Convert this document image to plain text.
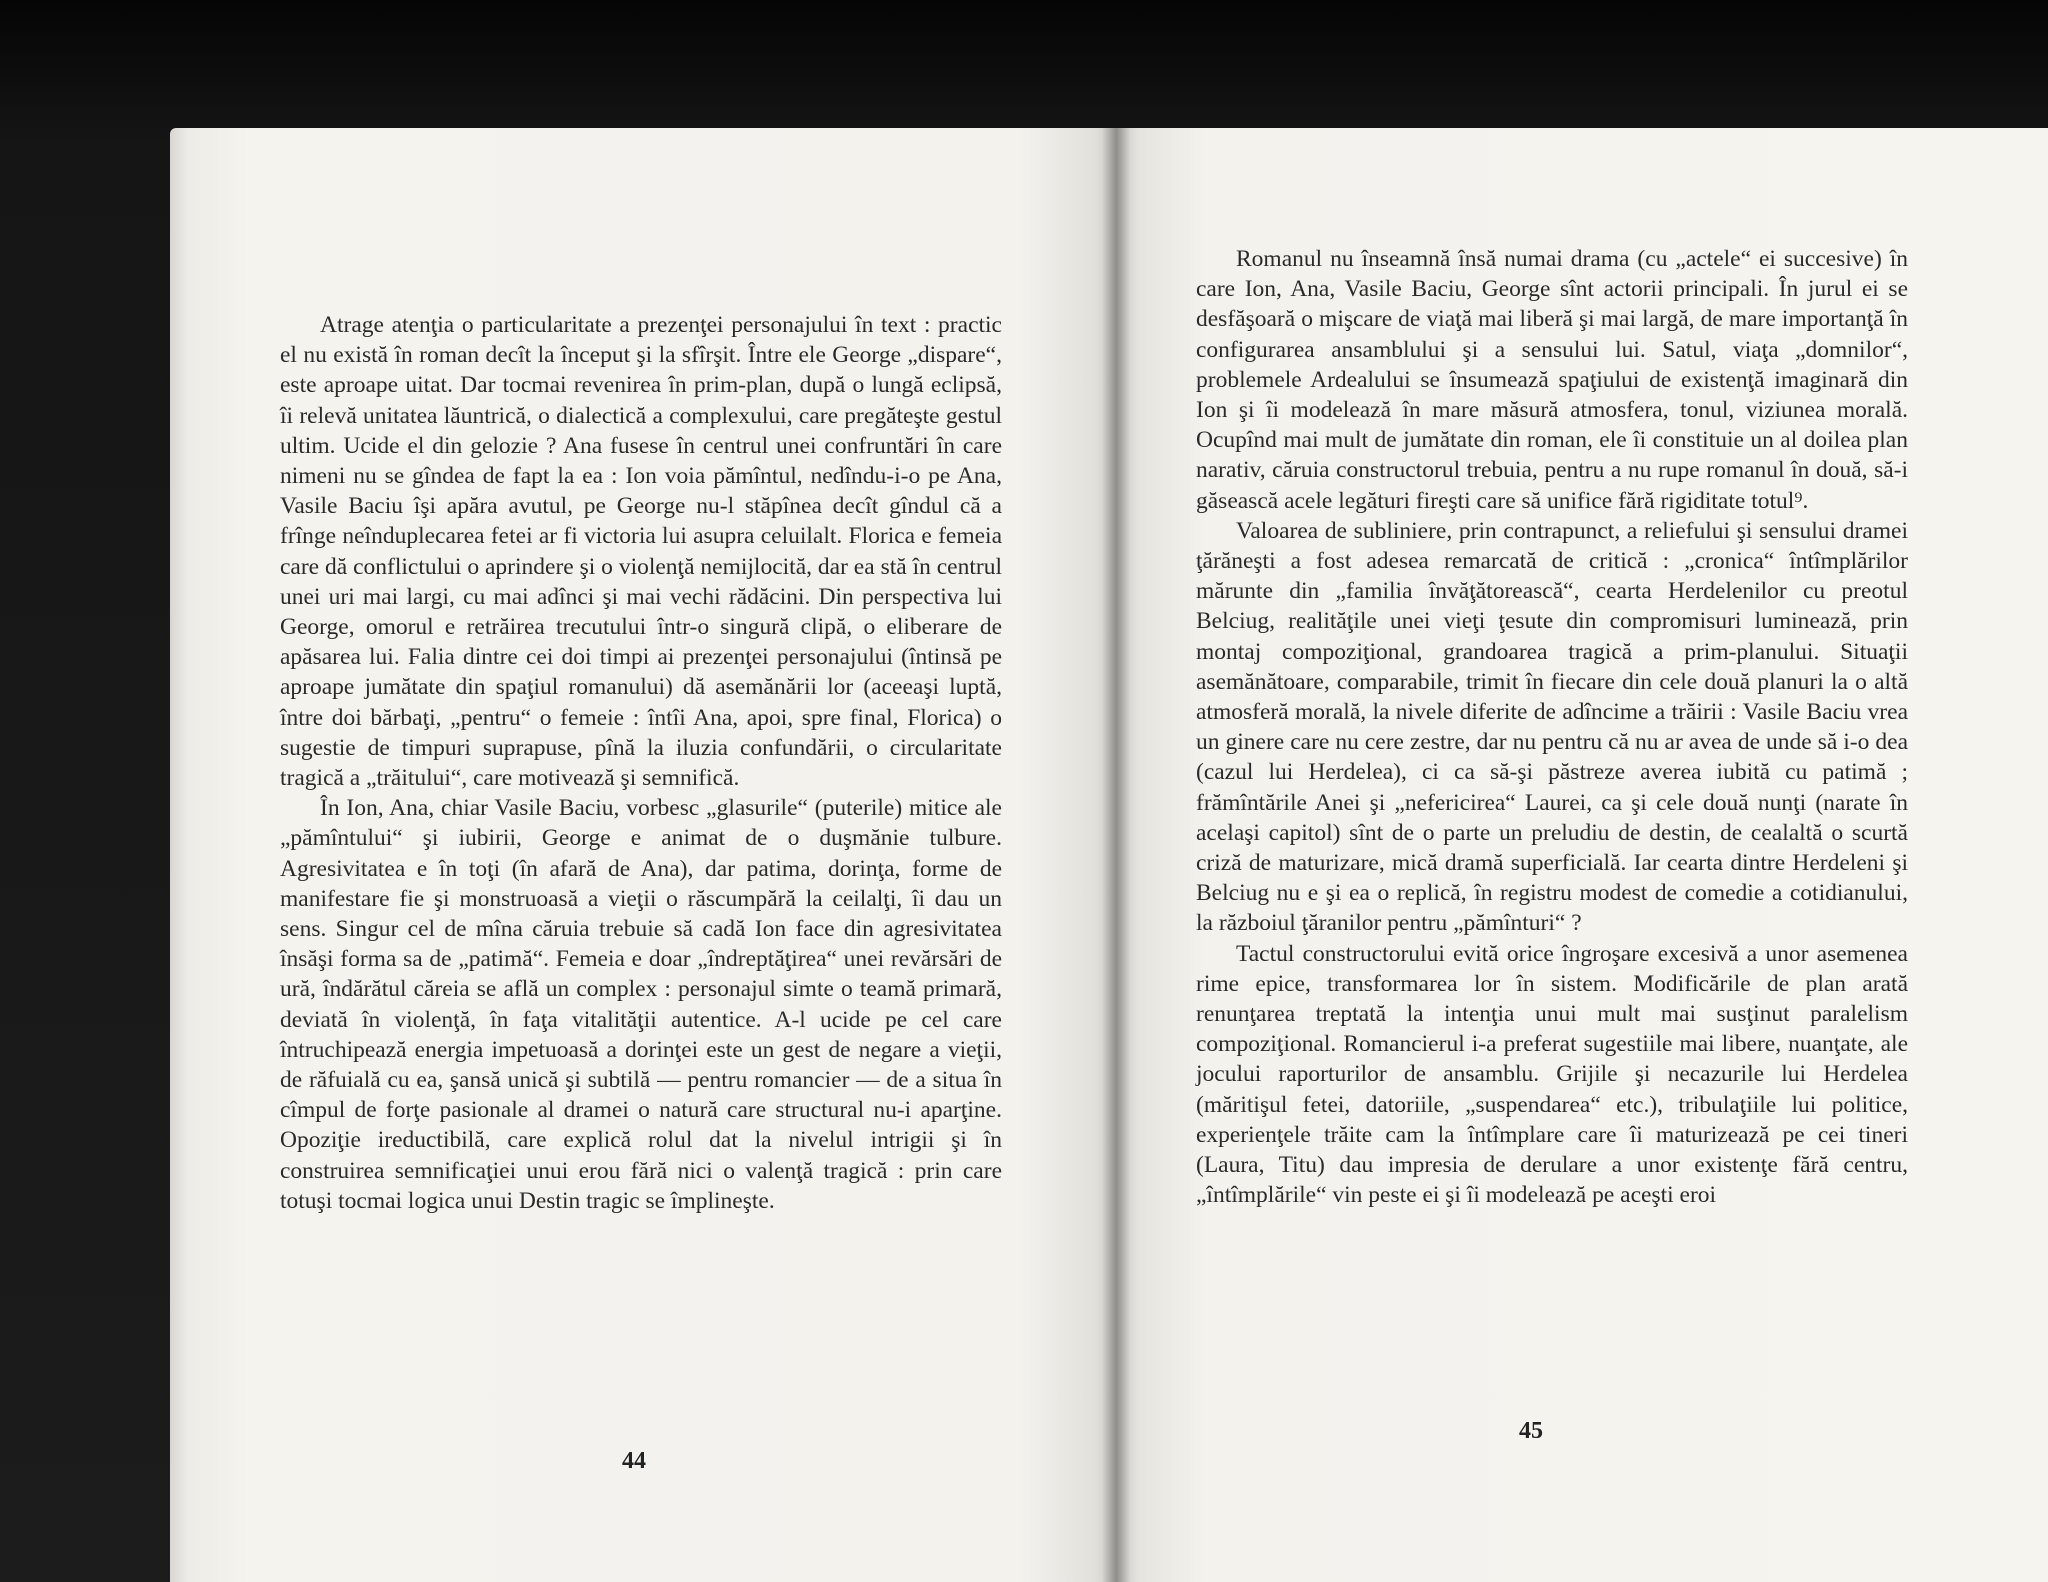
Atrage atenţia o particularitate a prezenţei personajului în text : practic el nu există în roman decît la început şi la sfîrşit. Între ele George „dispare“, este aproape uitat. Dar tocmai revenirea în prim-plan, după o lungă eclipsă, îi relevă unitatea lăuntrică, o dialectică a complexului, care pregăteşte gestul ultim. Ucide el din gelozie ? Ana fusese în centrul unei confruntări în care nimeni nu se gîndea de fapt la ea : Ion voia pămîntul, nedîndu-i-o pe Ana, Vasile Baciu îşi apăra avutul, pe George nu-l stăpînea decît gîndul că a frînge neînduplecarea fetei ar fi victoria lui asupra celuilalt. Florica e femeia care dă conflictului o aprindere şi o violenţă nemijlocită, dar ea stă în centrul unei uri mai largi, cu mai adînci şi mai vechi rădăcini. Din perspectiva lui George, omorul e retrăirea trecutului într-o singură clipă, o eliberare de apăsarea lui. Falia dintre cei doi timpi ai prezenţei personajului (întinsă pe aproape jumătate din spaţiul romanului) dă asemănării lor (aceeaşi luptă, între doi bărbaţi, „pentru“ o femeie : întîi Ana, apoi, spre final, Florica) o sugestie de timpuri suprapuse, pînă la iluzia confundării, o circularitate tragică a „trăitului“, care motivează şi semnifică.

În Ion, Ana, chiar Vasile Baciu, vorbesc „glasurile“ (puterile) mitice ale „pămîntului“ şi iubirii, George e animat de o duşmănie tulbure. Agresivitatea e în toţi (în afară de Ana), dar patima, dorinţa, forme de manifestare fie şi monstruoasă a vieţii o răscumpără la ceilalţi, îi dau un sens. Singur cel de mîna căruia trebuie să cadă Ion face din agresivitatea însăşi forma sa de „patimă“. Femeia e doar „îndreptăţirea“ unei revărsări de ură, îndărătul căreia se află un complex : personajul simte o teamă primară, deviată în violenţă, în faţa vitalităţii autentice. A-l ucide pe cel care întruchipează energia impetuoasă a dorinţei este un gest de negare a vieţii, de răfuială cu ea, şansă unică şi subtilă — pentru romancier — de a situa în cîmpul de forţe pasionale al dramei o natură care structural nu-i aparţine. Opoziţie ireductibilă, care explică rolul dat la nivelul intrigii şi în construirea semnificaţiei unui erou fără nici o valenţă tragică : prin care totuşi tocmai logica unui Destin tragic se împlineşte.

44

Romanul nu înseamnă însă numai drama (cu „actele“ ei succesive) în care Ion, Ana, Vasile Baciu, George sînt actorii principali. În jurul ei se desfăşoară o mişcare de viaţă mai liberă şi mai largă, de mare importanţă în configurarea ansamblului şi a sensului lui. Satul, viaţa „domnilor“, problemele Ardealului se însumează spaţiului de existenţă imaginară din Ion şi îi modelează în mare măsură atmosfera, tonul, viziunea morală. Ocupînd mai mult de jumătate din roman, ele îi constituie un al doilea plan narativ, căruia constructorul trebuia, pentru a nu rupe romanul în două, să-i găsească acele legături fireşti care să unifice fără rigiditate totul⁹.

Valoarea de subliniere, prin contrapunct, a reliefului şi sensului dramei ţărăneşti a fost adesea remarcată de critică : „cronica“ întîmplărilor mărunte din „familia învăţătorească“, cearta Herdelenilor cu preotul Belciug, realităţile unei vieţi ţesute din compromisuri luminează, prin montaj compoziţional, grandoarea tragică a prim-planului. Situaţii asemănătoare, comparabile, trimit în fiecare din cele două planuri la o altă atmosferă morală, la nivele diferite de adîncime a trăirii : Vasile Baciu vrea un ginere care nu cere zestre, dar nu pentru că nu ar avea de unde să i-o dea (cazul lui Herdelea), ci ca să-şi păstreze averea iubită cu patimă ; frămîntările Anei şi „nefericirea“ Laurei, ca şi cele două nunţi (narate în acelaşi capitol) sînt de o parte un preludiu de destin, de cealaltă o scurtă criză de maturizare, mică dramă superficială. Iar cearta dintre Herdeleni şi Belciug nu e şi ea o replică, în registru modest de comedie a cotidianului, la războiul ţăranilor pentru „pămînturi“ ?

Tactul constructorului evită orice îngroşare excesivă a unor asemenea rime epice, transformarea lor în sistem. Modificările de plan arată renunţarea treptată la intenţia unui mult mai susţinut paralelism compoziţional. Romancierul i-a preferat sugestiile mai libere, nuanţate, ale jocului raporturilor de ansamblu. Grijile şi necazurile lui Herdelea (măritişul fetei, datoriile, „suspendarea“ etc.), tribulaţiile lui politice, experienţele trăite cam la întîmplare care îi maturizează pe cei tineri (Laura, Titu) dau impresia de derulare a unor existenţe fără centru, „întîmplările“ vin peste ei şi îi modelează pe aceşti eroi

45
